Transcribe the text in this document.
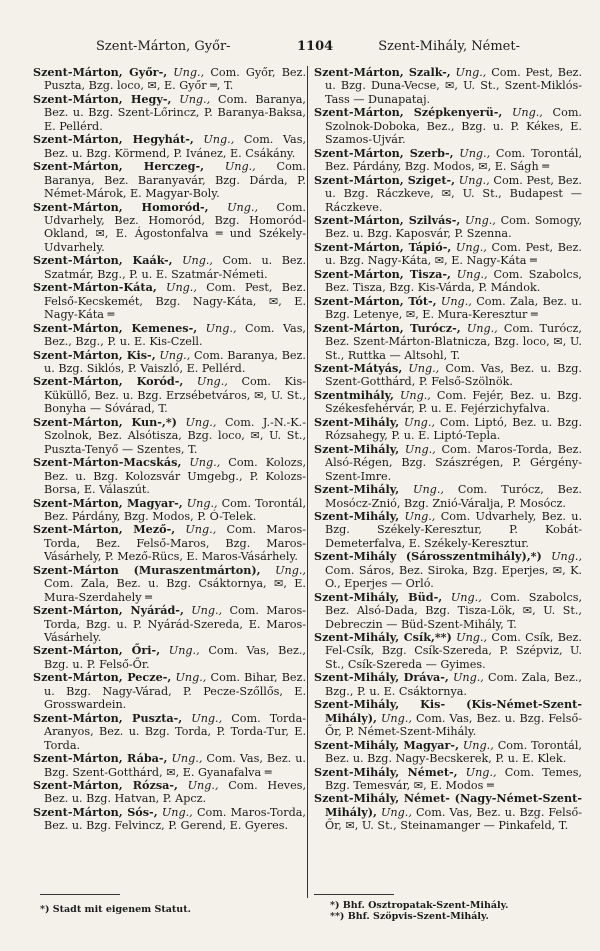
Szent-Márton, Győr-	1104	Szent-Mihály, Német-

Szent-Márton, Győr-, Ung., Com. Győr, Bez. Puszta, Bzg. loco, ✉, E. Győr ═, T.

Szent-Márton, Hegy-, Ung., Com. Baranya, Bez. u. Bzg. Szent-Lőrincz, P. Baranya-Baksa, E. Pellérd.

Szent-Márton, Hegyhát-, Ung., Com. Vas, Bez. u. Bzg. Körmend, P. Ivánez, E. Csákány.

Szent-Márton, Herczeg-, Ung., Com. Baranya, Bez. Baranyavár, Bzg. Dárda, P. Német-Márok, E. Magyar-Boly.

Szent-Márton, Homoród-, Ung., Com. Udvarhely, Bez. Homoród, Bzg. Homoród-Okland, ✉, E. Ágostonfalva ═ und Székely-Udvarhely.

Szent-Márton, Kaák-, Ung., Com. u. Bez. Szatmár, Bzg., P. u. E. Szatmár-Németi.

Szent-Márton-Káta, Ung., Com. Pest, Bez. Felső-Kecskemét, Bzg. Nagy-Káta, ✉, E. Nagy-Káta ═

Szent-Márton, Kemenes-, Ung., Com. Vas, Bez., Bzg., P. u. E. Kis-Czell.

Szent-Márton, Kis-, Ung., Com. Baranya, Bez. u. Bzg. Siklós, P. Vaiszló, E. Pellérd.

Szent-Márton, Koród-, Ung., Com. Kis-Küküllő, Bez. u. Bzg. Erzsébetváros, ✉, U. St., Bonyha — Sóvárad, T.

Szent-Márton, Kun-,*) Ung., Com. J.-N.-K.-Szolnok, Bez. Alsótisza, Bzg. loco, ✉, U. St., Puszta-Tenyő — Szentes, T.

Szent-Márton-Macskás, Ung., Com. Kolozs, Bez. u. Bzg. Kolozsvár Umgebg., P. Kolozs-Borsa, E. Válaszút.

Szent-Márton, Magyar-, Ung., Com. Torontál, Bez. Párdány, Bzg. Modos, P. Ó-Telek.

Szent-Márton, Mező-, Ung., Com. Maros-Torda, Bez. Felső-Maros, Bzg. Maros-Vásárhely, P. Mező-Rücs, E. Maros-Vásárhely.

Szent-Márton (Muraszentmárton), Ung., Com. Zala, Bez. u. Bzg. Csáktornya, ✉, E. Mura-Szerdahely ═

Szent-Márton, Nyárád-, Ung., Com. Maros-Torda, Bzg. u. P. Nyárád-Szereda, E. Maros-Vásárhely.

Szent-Márton, Őri-, Ung., Com. Vas, Bez., Bzg. u. P. Felső-Őr.

Szent-Márton, Pecze-, Ung., Com. Bihar, Bez. u. Bzg. Nagy-Várad, P. Pecze-Szőllős, E. Grosswardein.

Szent-Márton, Puszta-, Ung., Com. Torda-Aranyos, Bez. u. Bzg. Torda, P. Torda-Tur, E. Torda.

Szent-Márton, Rába-, Ung., Com. Vas, Bez. u. Bzg. Szent-Gotthárd, ✉, E. Gyanafalva ═

Szent-Márton, Rózsa-, Ung., Com. Heves, Bez. u. Bzg. Hatvan, P. Apcz.

Szent-Márton, Sós-, Ung., Com. Maros-Torda, Bez. u. Bzg. Felvincz, P. Gerend, E. Gyeres.

Szent-Márton, Szalk-, Ung., Com. Pest, Bez. u. Bzg. Duna-Vecse, ✉, U. St., Szent-Miklós-Tass — Dunapataj.

Szent-Márton, Szépkenyerü-, Ung., Com. Szolnok-Doboka, Bez., Bzg. u. P. Kékes, E. Szamos-Ujvár.

Szent-Márton, Szerb-, Ung., Com. Torontál, Bez. Párdány, Bzg. Modos, ✉, E. Ságh ═

Szent-Márton, Sziget-, Ung., Com. Pest, Bez. u. Bzg. Ráczkeve, ✉, U. St., Budapest — Ráczkeve.

Szent-Márton, Szilvás-, Ung., Com. Somogy, Bez. u. Bzg. Kaposvár, P. Szenna.

Szent-Márton, Tápió-, Ung., Com. Pest, Bez. u. Bzg. Nagy-Káta, ✉, E. Nagy-Káta ═

Szent-Márton, Tisza-, Ung., Com. Szabolcs, Bez. Tisza, Bzg. Kis-Várda, P. Mándok.

Szent-Márton, Tót-, Ung., Com. Zala, Bez. u. Bzg. Letenye, ✉, E. Mura-Keresztur ═

Szent-Márton, Turócz-, Ung., Com. Turócz, Bez. Szent-Márton-Blatnicza, Bzg. loco, ✉, U. St., Ruttka — Altsohl, T.

Szent-Mátyás, Ung., Com. Vas, Bez. u. Bzg. Szent-Gotthárd, P. Felső-Szölnök.

Szentmihály, Ung., Com. Fejér, Bez. u. Bzg. Székesfehérvár, P. u. E. Fejérzichyfalva.

Szent-Mihály, Ung., Com. Liptó, Bez. u. Bzg. Rózsahegy, P. u. E. Liptó-Tepla.

Szent-Mihály, Ung., Com. Maros-Torda, Bez. Alsó-Régen, Bzg. Szászrégen, P. Gérgény-Szent-Imre.

Szent-Mihály, Ung., Com. Turócz, Bez. Mosócz-Znió, Bzg. Znió-Váralja, P. Mosócz.

Szent-Mihály, Ung., Com. Udvarhely, Bez. u. Bzg. Székely-Keresztur, P. Kobát-Demeterfalva, E. Székely-Keresztur.

Szent-Mihály (Sárosszentmihály),*) Ung., Com. Sáros, Bez. Siroka, Bzg. Eperjes, ✉, K. O., Eperjes — Orló.

Szent-Mihály, Büd-, Ung., Com. Szabolcs, Bez. Alsó-Dada, Bzg. Tisza-Lök, ✉, U. St., Debreczin — Büd-Szent-Mihály, T.

Szent-Mihály, Csík,**) Ung., Com. Csík, Bez. Fel-Csík, Bzg. Csík-Szereda, P. Szépviz, U. St., Csík-Szereda — Gyimes.

Szent-Mihály, Dráva-, Ung., Com. Zala, Bez., Bzg., P. u. E. Csáktornya.

Szent-Mihály, Kis- (Kis-Német-Szent-Mihály), Ung., Com. Vas, Bez. u. Bzg. Felső-Őr, P. Német-Szent-Mihály.

Szent-Mihály, Magyar-, Ung., Com. Torontál, Bez. u. Bzg. Nagy-Becskerek, P. u. E. Klek.

Szent-Mihály, Német-, Ung., Com. Temes, Bzg. Temesvár, ✉, E. Modos ═

Szent-Mihály, Német- (Nagy-Német-Szent-Mihály), Ung., Com. Vas, Bez. u. Bzg. Felső-Őr, ✉, U. St., Steinamanger — Pinkafeld, T.

*) Stadt mit eigenem Statut.	*) Bhf. Osztropatak-Szent-Mihály.
**) Bhf. Szöpvis-Szent-Mihály.
